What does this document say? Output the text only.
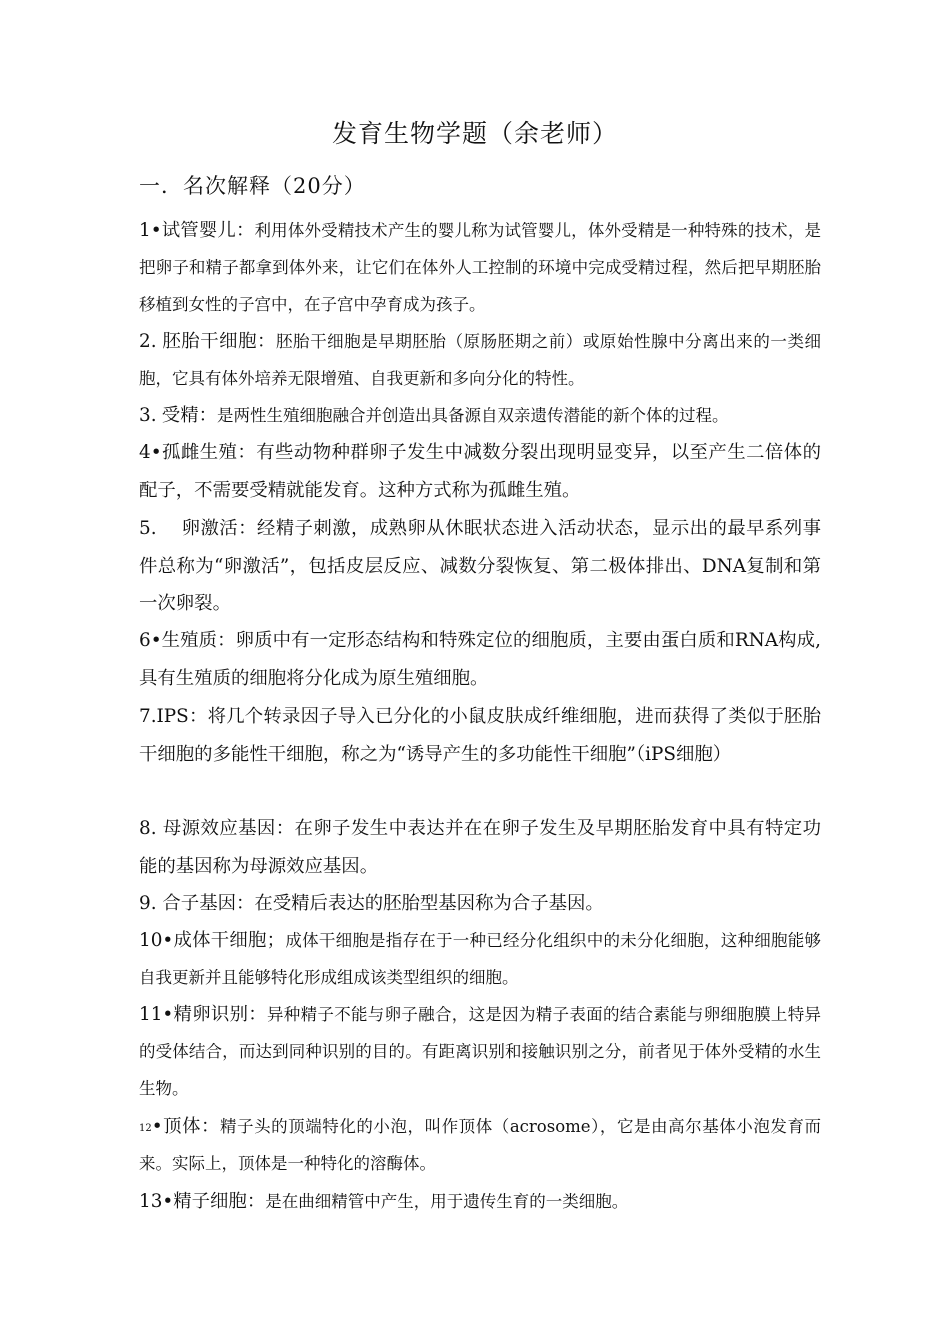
发育生物学题（余老师）
一．名次解释（20分）

1•试管婴儿：利用体外受精技术产生的婴儿称为试管婴儿，体外受精是一种特殊的技术，是把卵子和精子都拿到体外来，让它们在体外人工控制的环境中完成受精过程，然后把早期胚胎移植到女性的子宫中，在子宫中孕育成为孩子。

2. 胚胎干细胞：胚胎干细胞是早期胚胎（原肠胚期之前）或原始性腺中分离出来的一类细胞，它具有体外培养无限增殖、自我更新和多向分化的特性。

3. 受精：是两性生殖细胞融合并创造出具备源自双亲遗传潜能的新个体的过程。

4•孤雌生殖：有些动物种群卵子发生中减数分裂出现明显变异，以至产生二倍体的配子，不需要受精就能发育。这种方式称为孤雌生殖。

5. 卵激活：经精子刺激，成熟卵从休眠状态进入活动状态，显示出的最早系列事件总称为“卵激活”，包括皮层反应、减数分裂恢复、第二极体排出、DNA复制和第一次卵裂。

6•生殖质：卵质中有一定形态结构和特殊定位的细胞质，主要由蛋白质和RNA构成,具有生殖质的细胞将分化成为原生殖细胞。

7.IPS：将几个转录因子导入已分化的小鼠皮肤成纤维细胞，进而获得了类似于胚胎干细胞的多能性干细胞，称之为“诱导产生的多功能性干细胞”（iPS细胞）

8. 母源效应基因：在卵子发生中表达并在在卵子发生及早期胚胎发育中具有特定功能的基因称为母源效应基因。

9. 合子基因：在受精后表达的胚胎型基因称为合子基因。

10•成体干细胞；成体干细胞是指存在于一种已经分化组织中的未分化细胞，这种细胞能够自我更新并且能够特化形成组成该类型组织的细胞。

11•精卵识别：异种精子不能与卵子融合，这是因为精子表面的结合素能与卵细胞膜上特异的受体结合，而达到同种识别的目的。有距离识别和接触识别之分，前者见于体外受精的水生生物。

$^{12}$•顶体：精子头的顶端特化的小泡，叫作顶体（acrosome），它是由高尔基体小泡发育而来。实际上，顶体是一种特化的溶酶体。

13•精子细胞：是在曲细精管中产生，用于遗传生育的一类细胞。
